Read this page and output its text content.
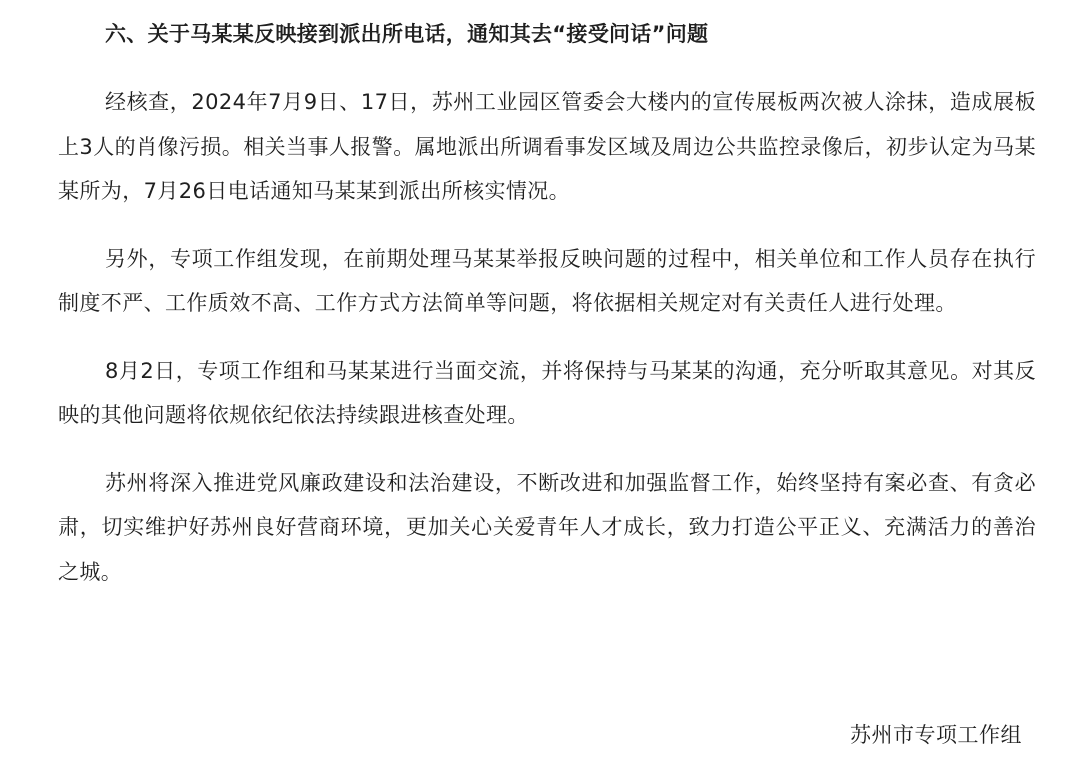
六、关于马某某反映接到派出所电话，通知其去“接受问话”问题

经核查，2024年7月9日、17日，苏州工业园区管委会大楼内的宣传展板两次被人涂抹，造成展板上3人的肖像污损。相关当事人报警。属地派出所调看事发区域及周边公共监控录像后，初步认定为马某某所为，7月26日电话通知马某某到派出所核实情况。

另外，专项工作组发现，在前期处理马某某举报反映问题的过程中，相关单位和工作人员存在执行制度不严、工作质效不高、工作方式方法简单等问题，将依据相关规定对有关责任人进行处理。

8月2日，专项工作组和马某某进行当面交流，并将保持与马某某的沟通，充分听取其意见。对其反映的其他问题将依规依纪依法持续跟进核查处理。

苏州将深入推进党风廉政建设和法治建设，不断改进和加强监督工作，始终坚持有案必查、有贪必肃，切实维护好苏州良好营商环境，更加关心关爱青年人才成长，致力打造公平正义、充满活力的善治之城。

苏州市专项工作组
